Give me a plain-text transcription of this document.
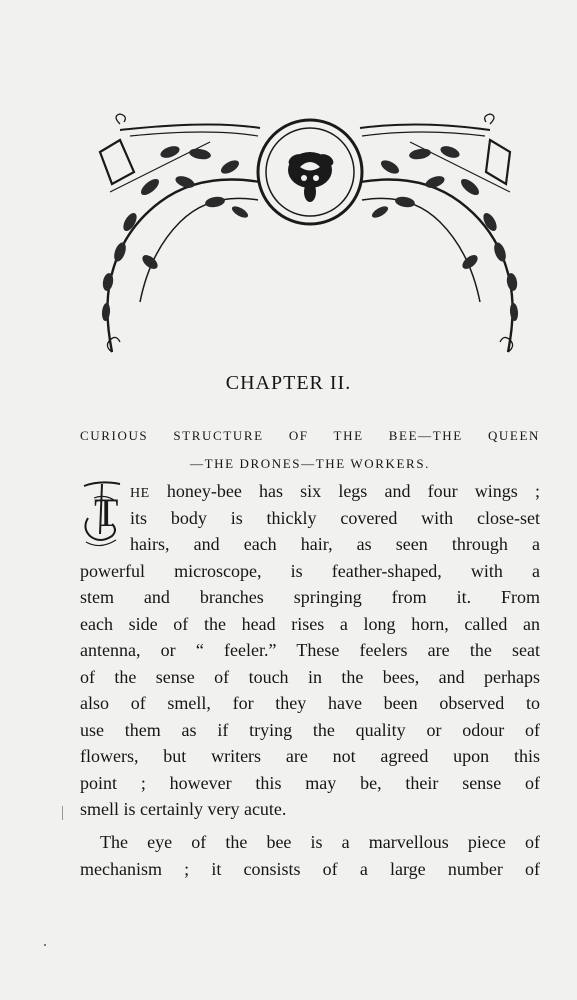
CHAPTER II.
CURIOUS STRUCTURE OF THE BEE—THE QUEEN
—THE DRONES—THE WORKERS.
T HE honey-bee has six legs and four wings ;
its body is thickly covered with close-set
hairs, and each hair, as seen through a
powerful microscope, is feather-shaped, with a
stem and branches springing from it. From
each side of the head rises a long horn, called an
antenna, or “ feeler.” These feelers are the seat
of the sense of touch in the bees, and perhaps
also of smell, for they have been observed to
use them as if trying the quality or odour of
flowers, but writers are not agreed upon this
point ; however this may be, their sense of
smell is certainly very acute.
The eye of the bee is a marvellous piece of
mechanism ; it consists of a large number of
